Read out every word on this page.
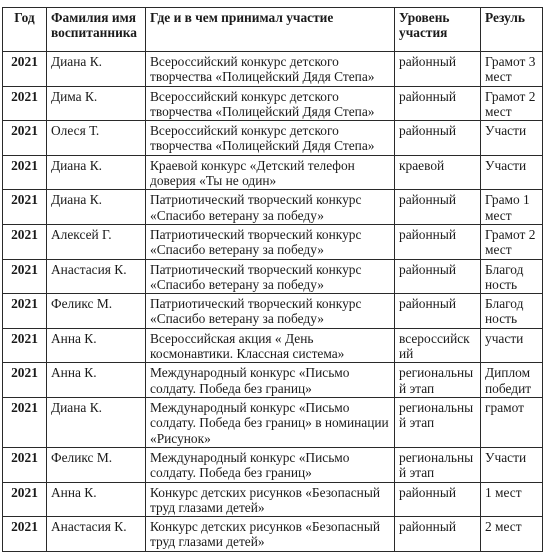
Год	Фамилия имя воспитанника	Где и в чем принимал участие	Уровень участия	Резуль
2021	Диана К.	Всероссийский конкурс детского творчества «Полицейский Дядя Степа»	районный	Грамот 3 мест
2021	Дима К.	Всероссийский конкурс детского творчества «Полицейский Дядя Степа»	районный	Грамот 2 мест
2021	Олеся Т.	Всероссийский конкурс детского творчества «Полицейский Дядя Степа»	районный	Участи
2021	Диана К.	Краевой конкурс «Детский телефон доверия «Ты не один»	краевой	Участи
2021	Диана К.	Патриотический творческий конкурс «Спасибо ветерану за победу»	районный	Грамо 1 мест
2021	Алексей Г.	Патриотический творческий конкурс «Спасибо ветерану за победу»	районный	Грамот 2 мест
2021	Анастасия К.	Патриотический творческий конкурс «Спасибо ветерану за победу»	районный	Благод ность
2021	Феликс М.	Патриотический творческий конкурс «Спасибо ветерану за победу»	районный	Благод ность
2021	Анна К.	Всероссийская акция « День космонавтики. Классная система»	всероссийский	участи
2021	Анна К.	Международный конкурс «Письмо солдату. Победа без границ»	региональный этап	Диплом победит
2021	Диана К.	Международный конкурс «Письмо солдату. Победа без границ» в номинации «Рисунок»	региональный этап	грамот
2021	Феликс М.	Международный конкурс «Письмо солдату. Победа без границ»	региональный этап	Участи
2021	Анна К.	Конкурс детских рисунков «Безопасный труд глазами детей»	районный	1 мест
2021	Анастасия К.	Конкурс детских рисунков «Безопасный труд глазами детей»	районный	2 мест
